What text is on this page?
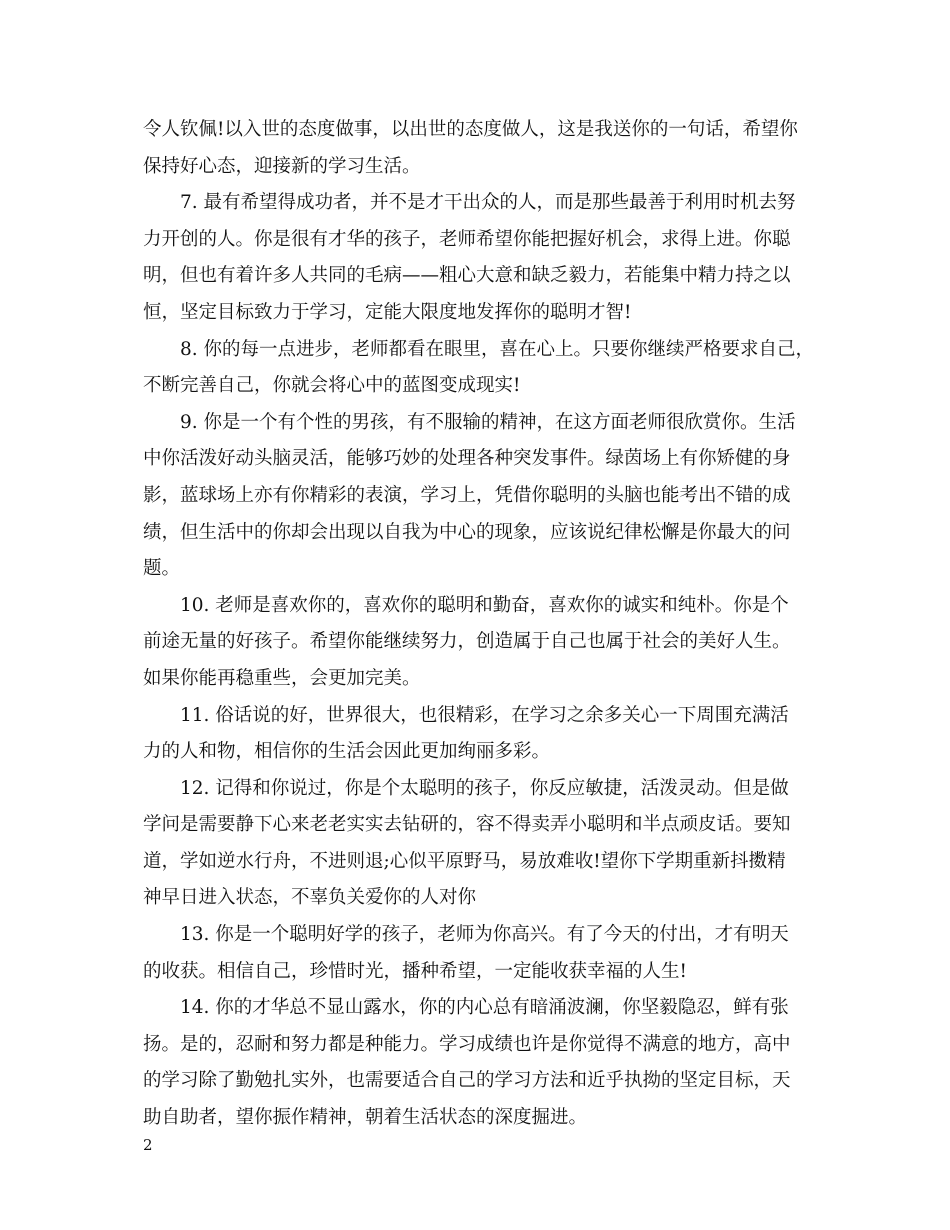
令人钦佩!以入世的态度做事，以出世的态度做人，这是我送你的一句话，希望你
保持好心态，迎接新的学习生活。
7. 最有希望得成功者，并不是才干出众的人，而是那些最善于利用时机去努
力开创的人。你是很有才华的孩子，老师希望你能把握好机会，求得上进。你聪
明，但也有着许多人共同的毛病——粗心大意和缺乏毅力，若能集中精力持之以
恒，坚定目标致力于学习，定能大限度地发挥你的聪明才智!
8. 你的每一点进步，老师都看在眼里，喜在心上。只要你继续严格要求自己，
不断完善自己，你就会将心中的蓝图变成现实!
9. 你是一个有个性的男孩，有不服输的精神，在这方面老师很欣赏你。生活
中你活泼好动头脑灵活，能够巧妙的处理各种突发事件。绿茵场上有你矫健的身
影，蓝球场上亦有你精彩的表演，学习上，凭借你聪明的头脑也能考出不错的成
绩，但生活中的你却会出现以自我为中心的现象，应该说纪律松懈是你最大的问
题。
10. 老师是喜欢你的，喜欢你的聪明和勤奋，喜欢你的诚实和纯朴。你是个
前途无量的好孩子。希望你能继续努力，创造属于自己也属于社会的美好人生。
如果你能再稳重些，会更加完美。
11. 俗话说的好，世界很大，也很精彩，在学习之余多关心一下周围充满活
力的人和物，相信你的生活会因此更加绚丽多彩。
12. 记得和你说过，你是个太聪明的孩子，你反应敏捷，活泼灵动。但是做
学问是需要静下心来老老实实去钻研的，容不得卖弄小聪明和半点顽皮话。要知
道，学如逆水行舟，不进则退;心似平原野马，易放难收!望你下学期重新抖擞精
神早日进入状态，不辜负关爱你的人对你
13. 你是一个聪明好学的孩子，老师为你高兴。有了今天的付出，才有明天
的收获。相信自己，珍惜时光，播种希望，一定能收获幸福的人生!
14. 你的才华总不显山露水，你的内心总有暗涌波澜，你坚毅隐忍，鲜有张
扬。是的，忍耐和努力都是种能力。学习成绩也许是你觉得不满意的地方，高中
的学习除了勤勉扎实外，也需要适合自己的学习方法和近乎执拗的坚定目标，天
助自助者，望你振作精神，朝着生活状态的深度掘进。
2
